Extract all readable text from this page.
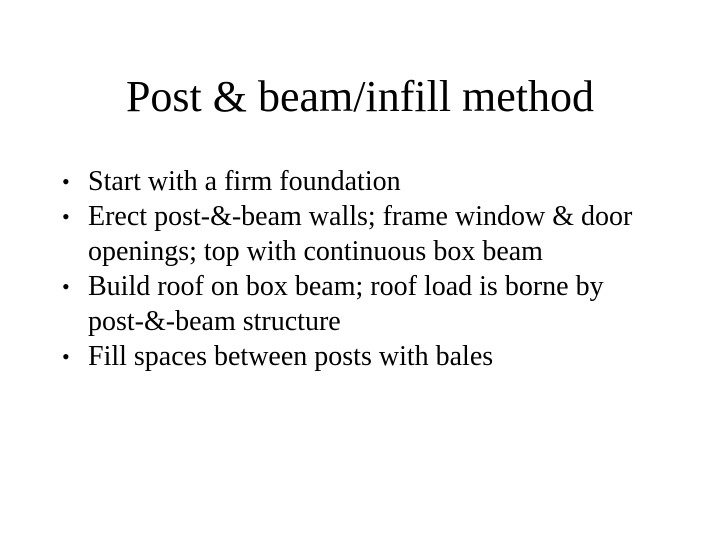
Post & beam/infill method
• Start with a firm foundation
• Erect post-&-beam walls; frame window & door openings; top with continuous box beam
• Build roof on box beam; roof load is borne by post-&-beam structure
• Fill spaces between posts with bales
